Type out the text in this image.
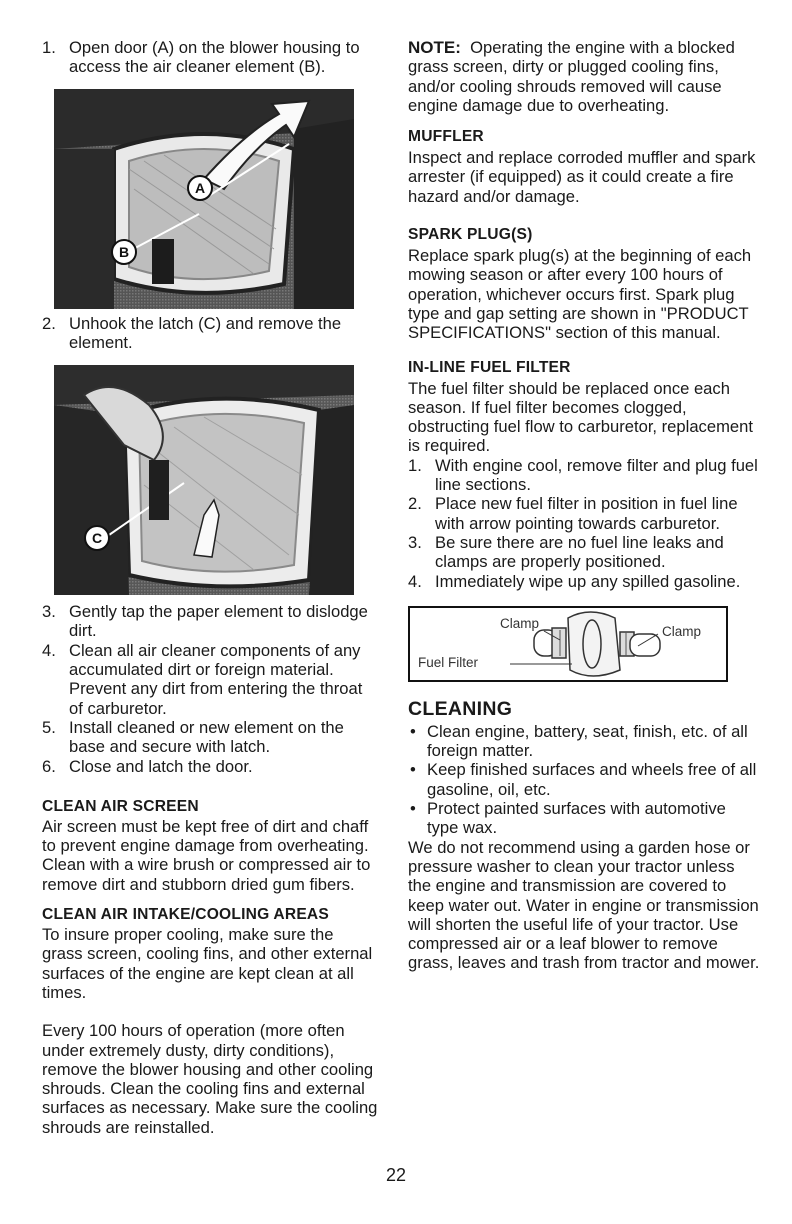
1. Open door (A) on the blower housing to access the air cleaner element (B).
A
B
2. Unhook the latch (C) and remove the element.
C
3. Gently tap the paper element to dislodge dirt.
4. Clean all air cleaner components of any accumulated dirt or foreign material. Prevent any dirt from entering the throat of carburetor.
5. Install cleaned or new element on the base and secure with latch.
6. Close and latch the door.
CLEAN AIR SCREEN

Air screen must be kept free of dirt and chaff to prevent engine damage from overheating. Clean with a wire brush or compressed air to remove dirt and stubborn dried gum fibers.

CLEAN AIR INTAKE/COOLING AREAS

To insure proper cooling, make sure the grass screen, cooling fins, and other external surfaces of the engine are kept clean at all times.

Every 100 hours of operation (more often under extremely dusty, dirty conditions), remove the blower housing and other cooling shrouds. Clean the cooling fins and external surfaces as necessary. Make sure the cooling shrouds are reinstalled.

NOTE: Operating the engine with a blocked grass screen, dirty or plugged cooling fins, and/or cooling shrouds removed will cause engine damage due to overheating.

MUFFLER

Inspect and replace corroded muffler and spark arrester (if equipped) as it could create a fire hazard and/or damage.

SPARK PLUG(S)

Replace spark plug(s) at the beginning of each mowing season or after every 100 hours of operation, whichever occurs first. Spark plug type and gap setting are shown in "PRODUCT SPECIFICATIONS" section of this manual.

IN-LINE FUEL FILTER

The fuel filter should be replaced once each season. If fuel filter becomes clogged, obstructing fuel flow to carburetor, replacement is required.

1. With engine cool, remove filter and plug fuel line sections.
2. Place new fuel filter in position in fuel line with arrow pointing towards carburetor.
3. Be sure there are no fuel line leaks and clamps are properly positioned.
4. Immediately wipe up any spilled gasoline.
Clamp
Clamp
Fuel Filter
CLEANING
• Clean engine, battery, seat, finish, etc. of all foreign matter.
• Keep finished surfaces and wheels free of all gasoline, oil, etc.
• Protect painted surfaces with automotive type wax.

We do not recommend using a garden hose or pressure washer to clean your tractor unless the engine and transmission are covered to keep water out. Water in engine or transmission will shorten the useful life of your tractor. Use compressed air or a leaf blower to remove grass, leaves and trash from tractor and mower.

22
